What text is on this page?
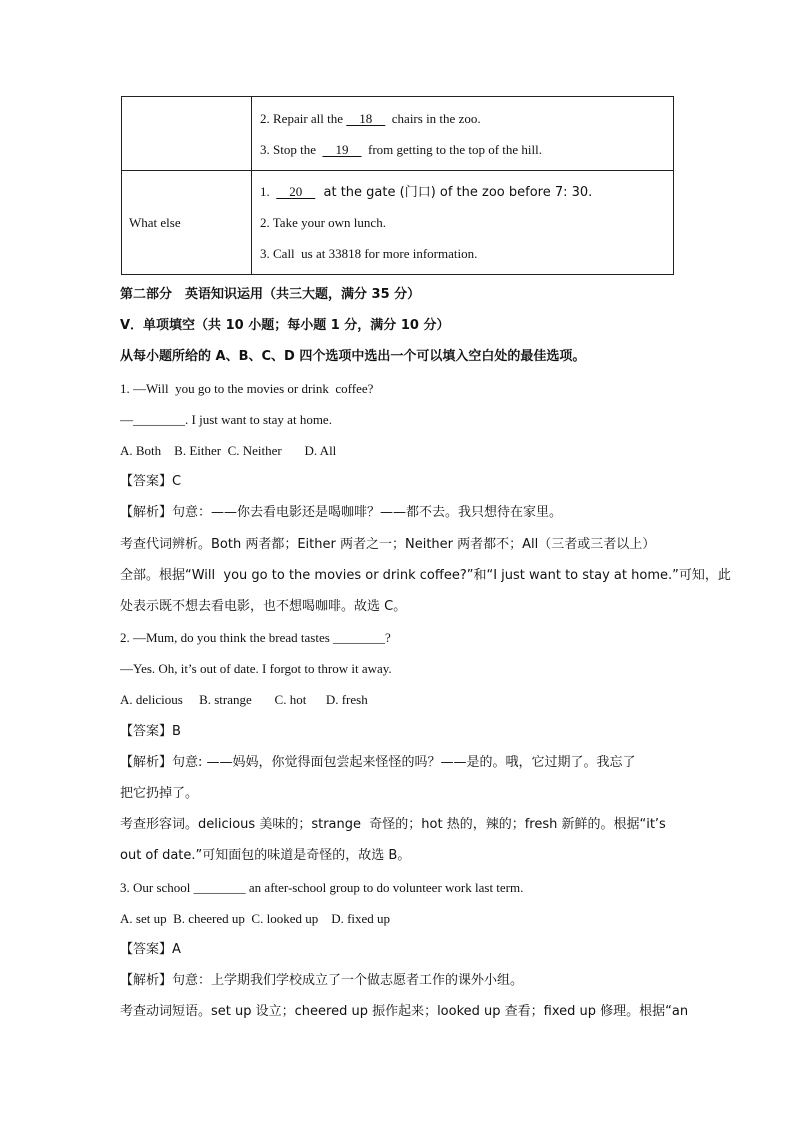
	2. Repair all the     18      chairs in the zoo.
3. Stop the      19      from getting to the top of the hill.

What else	1.      20      at the gate (门口) of the zoo before 7: 30.
2. Take your own lunch.
3. Call  us at 33818 for more information.
第二部分　英语知识运用（共三大题，满分 35 分）
V．单项填空（共 10 小题；每小题 1 分，满分 10 分）
从每小题所给的 A、B、C、D 四个选项中选出一个可以填入空白处的最佳选项。
1. —Will  you go to the movies or drink  coffee?
—________. I just want to stay at home.
A. Both    B. Either  C. Neither       D. All
【答案】C
【解析】句意：——你去看电影还是喝咖啡？——都不去。我只想待在家里。
考查代词辨析。Both 两者都；Either 两者之一；Neither 两者都不；All（三者或三者以上）
全部。根据“Will  you go to the movies or drink coffee?”和“I just want to stay at home.”可知，此
处表示既不想去看电影，也不想喝咖啡。故选 C。
2. —Mum, do you think the bread tastes ________?
—Yes. Oh, it’s out of date. I forgot to throw it away.
A. delicious     B. strange       C. hot      D. fresh
【答案】B
【解析】句意: ——妈妈，你觉得面包尝起来怪怪的吗？——是的。哦，它过期了。我忘了
把它扔掉了。
考查形容词。delicious 美味的；strange  奇怪的；hot 热的，辣的；fresh 新鲜的。根据“it’s
out of date.”可知面包的味道是奇怪的，故选 B。
3. Our school ________ an after-school group to do volunteer work last term.
A. set up  B. cheered up  C. looked up    D. fixed up
【答案】A
【解析】句意：上学期我们学校成立了一个做志愿者工作的课外小组。
考查动词短语。set up 设立；cheered up 振作起来；looked up 查看；fixed up 修理。根据“an
